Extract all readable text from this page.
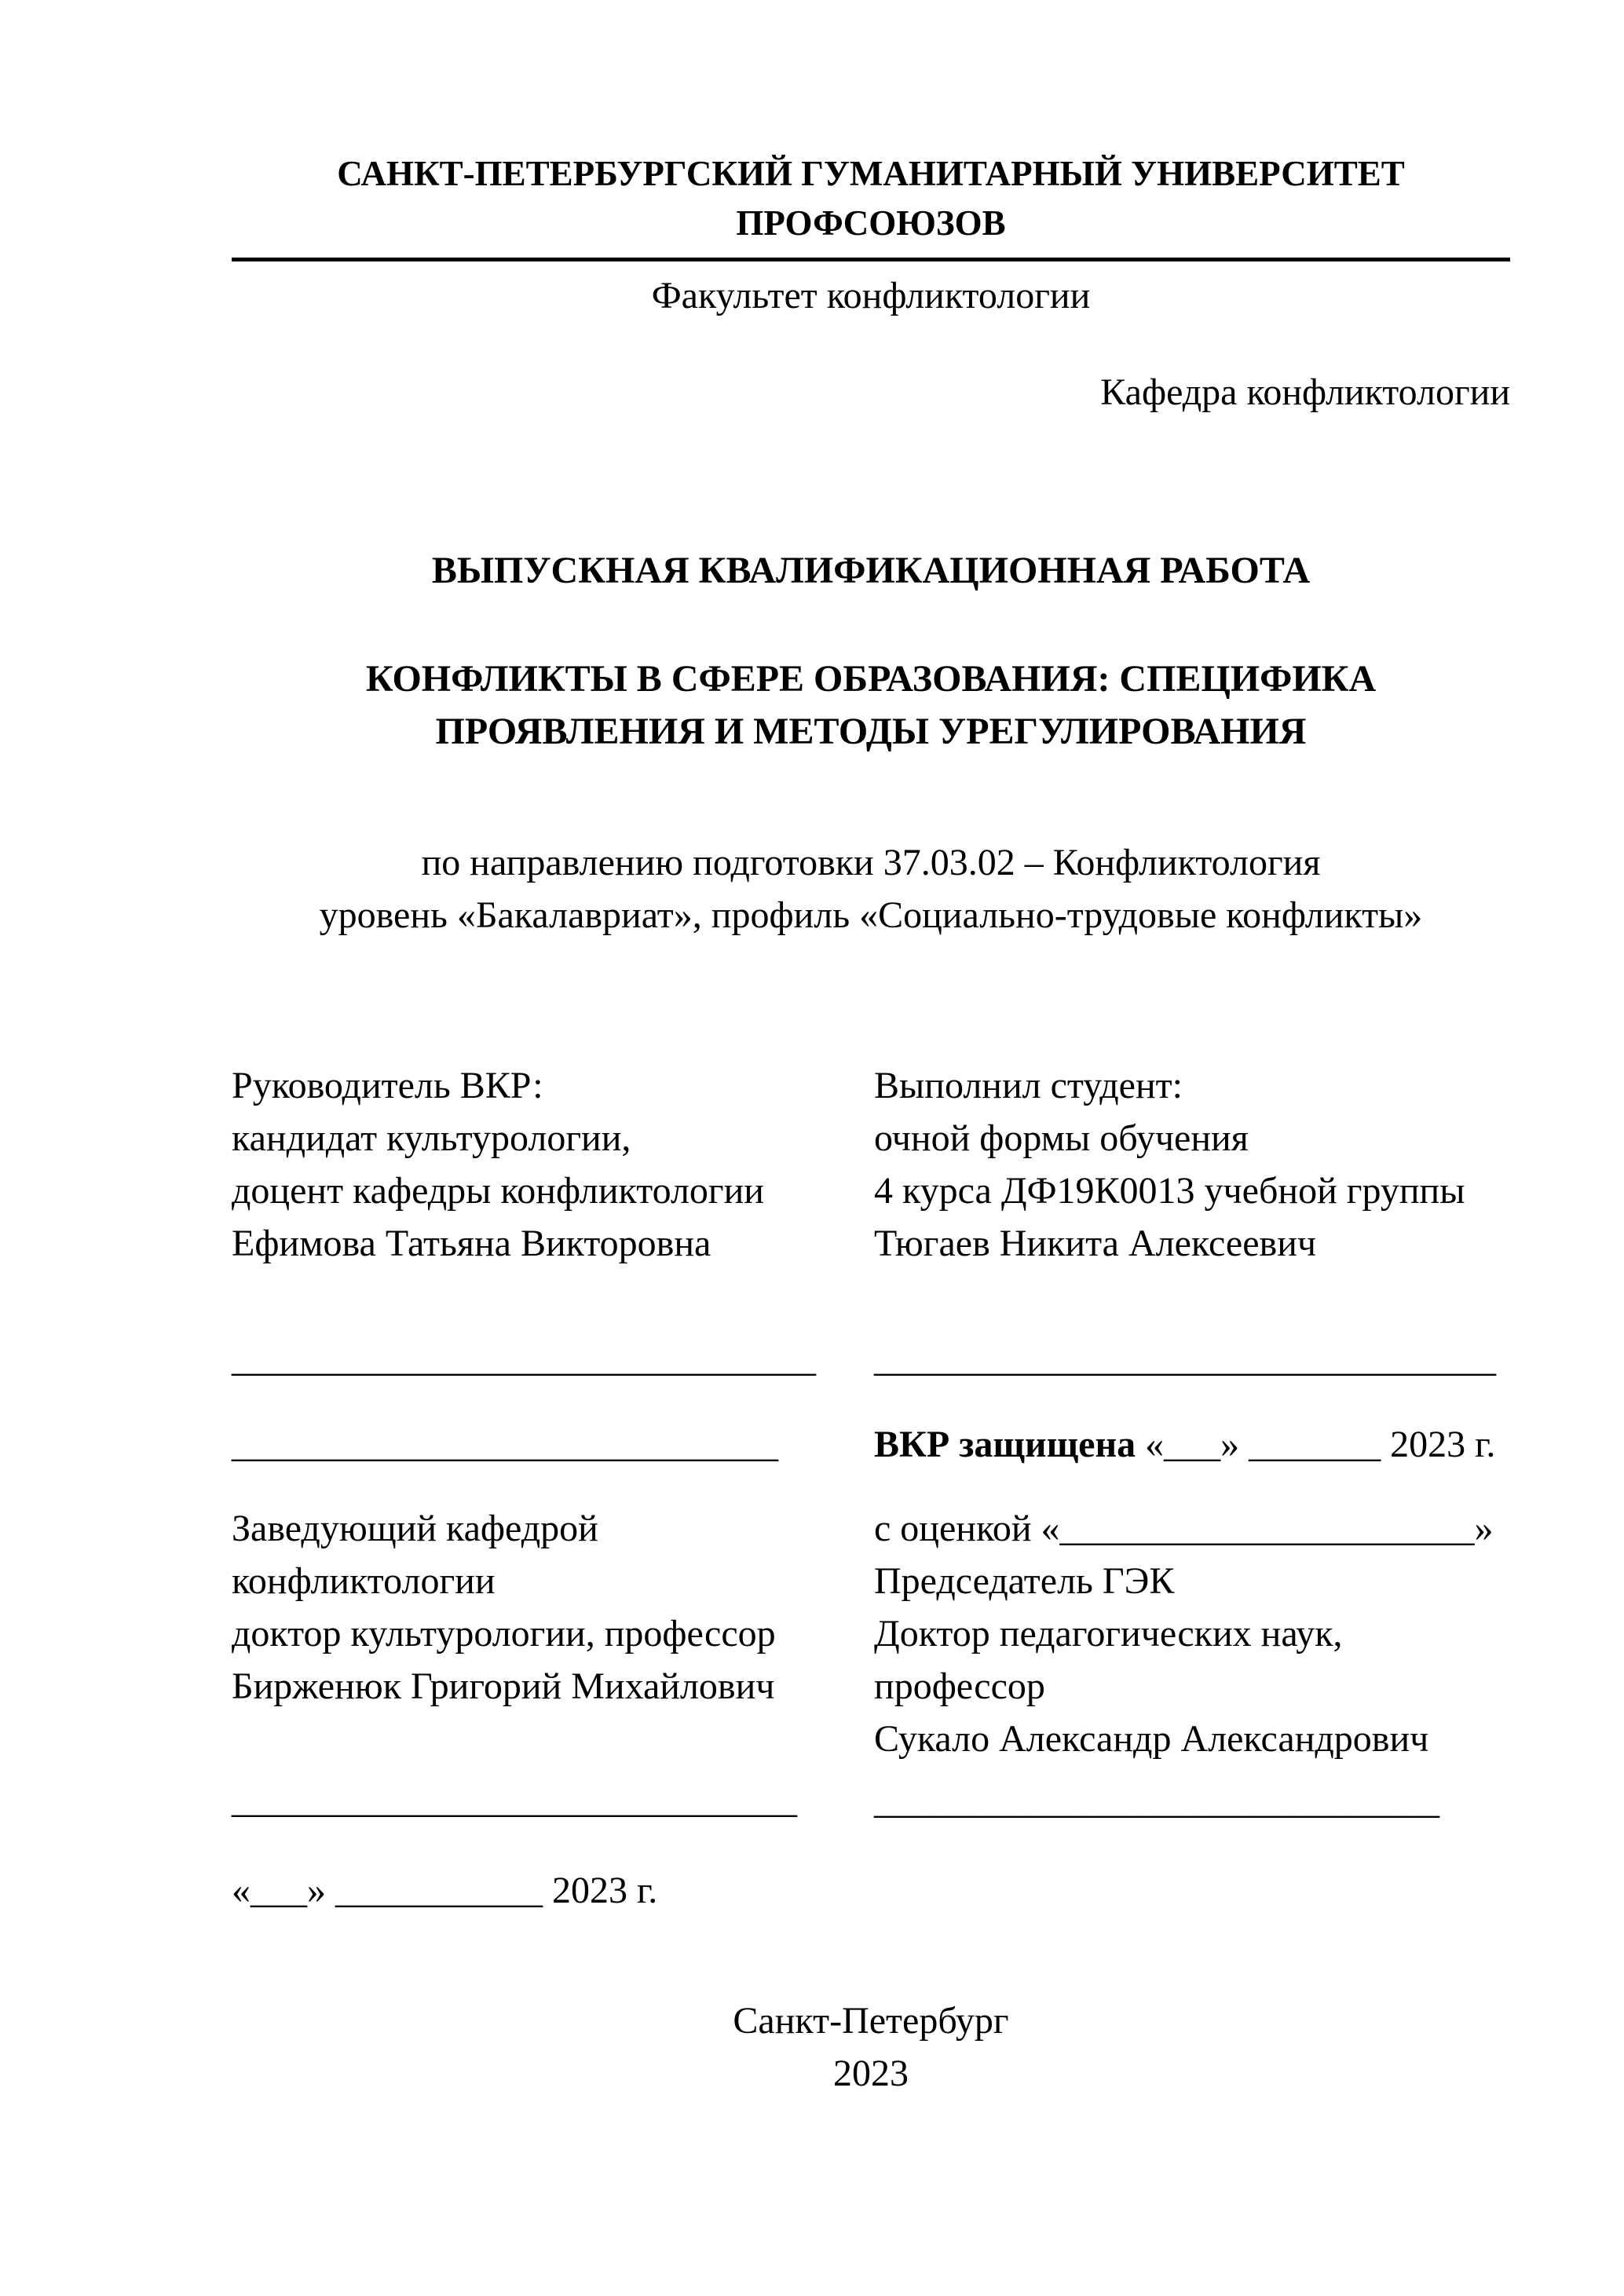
САНКТ-ПЕТЕРБУРГСКИЙ ГУМАНИТАРНЫЙ УНИВЕРСИТЕТ ПРОФСОЮЗОВ
Факультет конфликтологии
Кафедра конфликтологии
ВЫПУСКНАЯ КВАЛИФИКАЦИОННАЯ РАБОТА
КОНФЛИКТЫ В СФЕРЕ ОБРАЗОВАНИЯ: СПЕЦИФИКА ПРОЯВЛЕНИЯ И МЕТОДЫ УРЕГУЛИРОВАНИЯ
по направлению подготовки 37.03.02 – Конфликтология
уровень «Бакалавриат», профиль «Социально-трудовые конфликты»
Руководитель ВКР:
кандидат культурологии,
доцент кафедры конфликтологии
Ефимова Татьяна Викторовна
_______________________________
_____________________________
Заведующий кафедрой
конфликтологии
доктор культурологии, профессор
Бирженюк Григорий Михайлович
______________________________
«___» ___________ 2023 г.
Выполнил студент:
очной формы обучения
4 курса ДФ19К0013 учебной группы
Тюгаев Никита Алексеевич
_________________________________
ВКР защищена «___» _______ 2023 г.
с оценкой «______________________»
Председатель ГЭК
Доктор педагогических наук,
профессор
Сукало Александр Александрович
______________________________
Санкт-Петербург
2023
